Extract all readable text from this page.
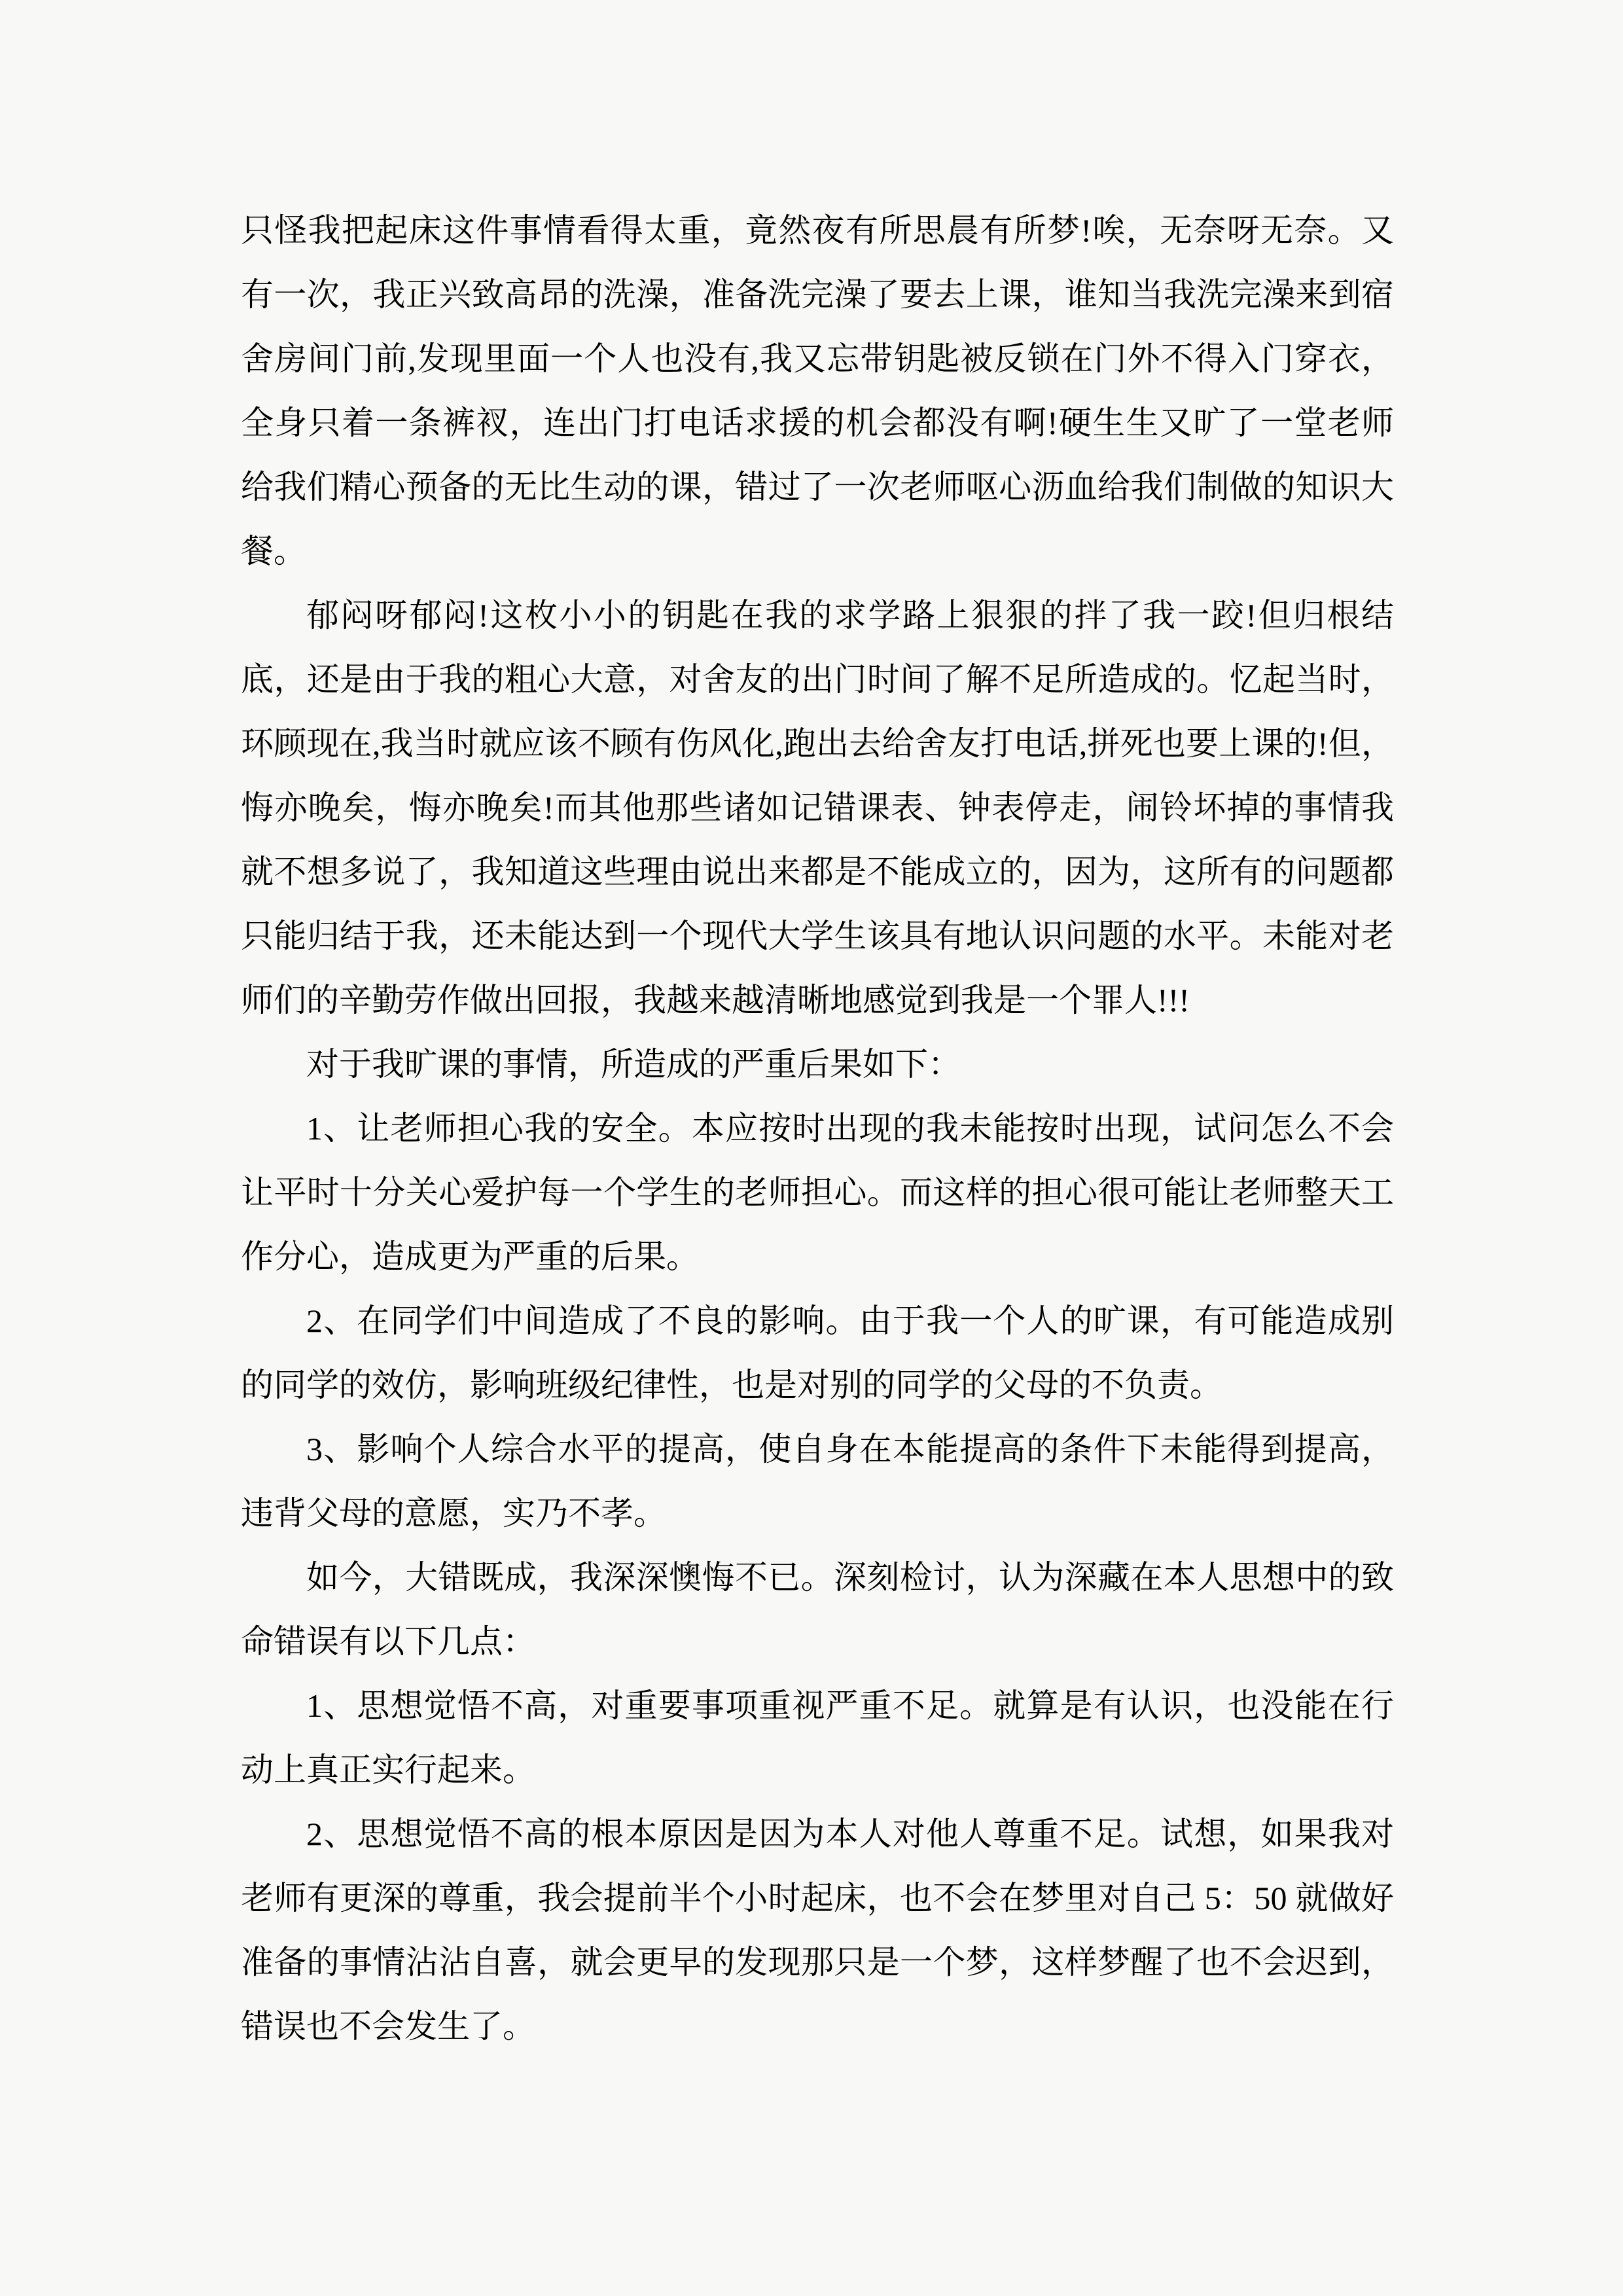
只怪我把起床这件事情看得太重，竟然夜有所思晨有所梦!唉，无奈呀无奈。又有一次，我正兴致高昂的洗澡，准备洗完澡了要去上课，谁知当我洗完澡来到宿舍房间门前,发现里面一个人也没有,我又忘带钥匙被反锁在门外不得入门穿衣，全身只着一条裤衩，连出门打电话求援的机会都没有啊!硬生生又旷了一堂老师给我们精心预备的无比生动的课，错过了一次老师呕心沥血给我们制做的知识大餐。

郁闷呀郁闷!这枚小小的钥匙在我的求学路上狠狠的拌了我一跤!但归根结底，还是由于我的粗心大意，对舍友的出门时间了解不足所造成的。忆起当时，环顾现在,我当时就应该不顾有伤风化,跑出去给舍友打电话,拼死也要上课的!但，悔亦晚矣，悔亦晚矣!而其他那些诸如记错课表、钟表停走，闹铃坏掉的事情我就不想多说了，我知道这些理由说出来都是不能成立的，因为，这所有的问题都只能归结于我，还未能达到一个现代大学生该具有地认识问题的水平。未能对老师们的辛勤劳作做出回报，我越来越清晰地感觉到我是一个罪人!!!

对于我旷课的事情，所造成的严重后果如下：

1、让老师担心我的安全。本应按时出现的我未能按时出现，试问怎么不会让平时十分关心爱护每一个学生的老师担心。而这样的担心很可能让老师整天工作分心，造成更为严重的后果。

2、在同学们中间造成了不良的影响。由于我一个人的旷课，有可能造成别的同学的效仿，影响班级纪律性，也是对别的同学的父母的不负责。

3、影响个人综合水平的提高，使自身在本能提高的条件下未能得到提高，违背父母的意愿，实乃不孝。

如今，大错既成，我深深懊悔不已。深刻检讨，认为深藏在本人思想中的致命错误有以下几点：

1、思想觉悟不高，对重要事项重视严重不足。就算是有认识，也没能在行动上真正实行起来。

2、思想觉悟不高的根本原因是因为本人对他人尊重不足。试想，如果我对老师有更深的尊重，我会提前半个小时起床，也不会在梦里对自己 5：50 就做好准备的事情沾沾自喜，就会更早的发现那只是一个梦，这样梦醒了也不会迟到，错误也不会发生了。
